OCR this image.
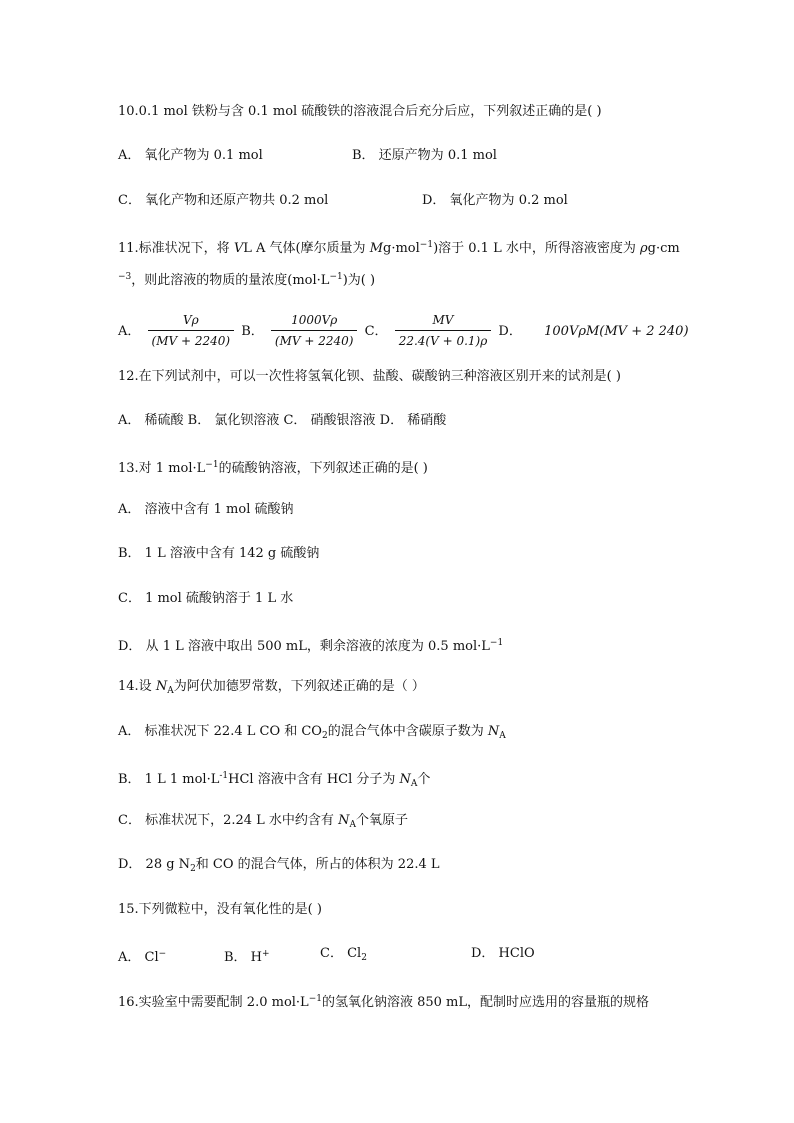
10.0.1 mol 铁粉与含 0.1 mol 硫酸铁的溶液混合后充分后应，下列叙述正确的是( )
A． 氧化产物为 0.1 mol	B． 还原产物为 0.1 mol
C． 氧化产物和还原产物共 0.2 mol	D． 氧化产物为 0.2 mol
11.标准状况下，将 VL A 气体(摩尔质量为 Mg·mol$^{-1}$)溶于 0.1 L 水中，所得溶液密度为 ρg·cm
$^{-3}$，则此溶液的物质的量浓度$(mol\cdot L^{-1})$为( )
A． $\frac{V\rho}{(MV + 2240)}$ B． $\frac{1000V\rho}{(MV + 2240)}$ C． $\frac{MV}{22.4(V + 0.1)\rho}$ D． 100VρM(MV + 2 240)
12.在下列试剂中，可以一次性将氢氧化钡、盐酸、碳酸钠三种溶液区别开来的试剂是( )
A． 稀硫酸 B． 氯化钡溶液 C． 硝酸银溶液 D． 稀硝酸
13.对 1 $mol\cdot L^{-1}$的硫酸钠溶液，下列叙述正确的是( )
A． 溶液中含有 1 mol 硫酸钠
B． 1 L 溶液中含有 142 g 硫酸钠
C． 1 mol 硫酸钠溶于 1 L 水
D． 从 1 L 溶液中取出 500 mL，剩余溶液的浓度为 0.5 $mol\cdot L^{-1}$
14.设 $N_A$为阿伏加德罗常数，下列叙述正确的是（ ）
A． 标准状况下 22.4 L CO 和 $CO_2$的混合气体中含碳原子数为 $N_A$
B． 1 L 1 $mol\cdot L^{-1}HCl$ 溶液中含有 HCl 分子为 $N_A$个
C． 标准状况下，2.24 L 水中约含有 $N_A$个氧原子
D． 28 g $N_2$和 CO 的混合气体，所占的体积为 22.4 L
15.下列微粒中，没有氧化性的是( )
A． Cl−	B． H+	C． $Cl_2$	D． HClO
16.实验室中需要配制 2.0 $mol\cdot L^{-1}$的氢氧化钠溶液 850 mL，配制时应选用的容量瓶的规格
